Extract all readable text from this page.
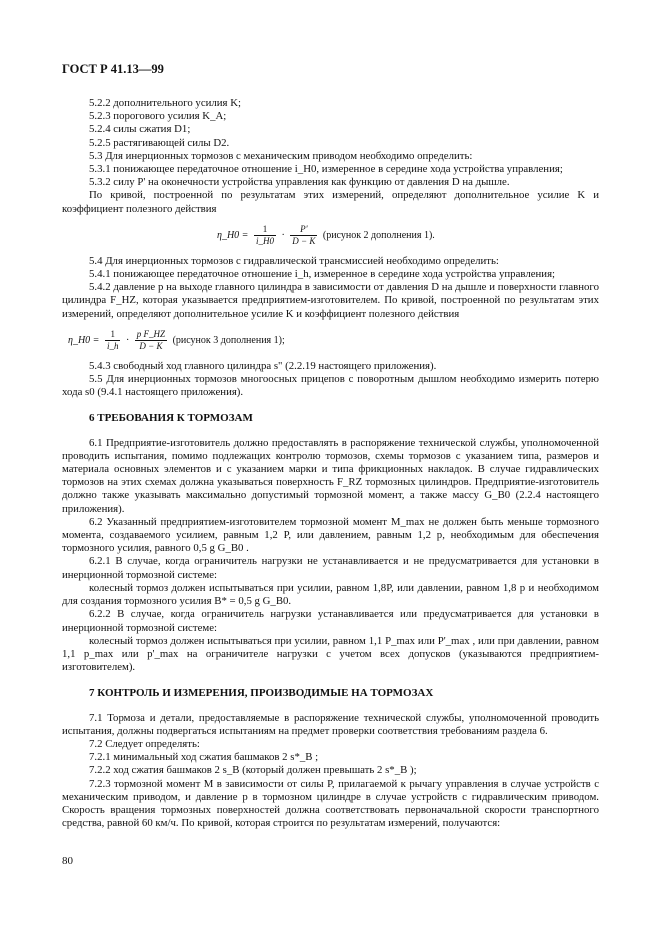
ГОСТ Р 41.13—99

5.2.2 дополнительного усилия K;

5.2.3 порогового усилия K_A;

5.2.4 силы сжатия D1;

5.2.5 растягивающей силы D2.

5.3 Для инерционных тормозов с механическим приводом необходимо определить:

5.3.1 понижающее передаточное отношение i_H0, измеренное в середине хода устройства управления;

5.3.2 силу P' на оконечности устройства управления как функцию от давления D на дышле.

По кривой, построенной по результатам этих измерений, определяют дополнительное усилие K и коэффициент полезного действия

η_H0 = $\frac{1}{i\_H0} \cdot \frac{P'}{D - K}$ (рисунок 2 дополнения 1).

5.4 Для инерционных тормозов с гидравлической трансмиссией необходимо определить:

5.4.1 понижающее передаточное отношение i_h, измеренное в середине хода устройства управления;

5.4.2 давление p на выходе главного цилиндра в зависимости от давления D на дышле и поверхности главного цилиндра F_HZ, которая указывается предприятием-изготовителем. По кривой, построенной по результатам этих измерений, определяют дополнительное усилие K и коэффициент полезного действия

η_H0 = $\frac{1}{i\_h} \cdot \frac{\text{p F\_HZ}}{D - K}$ (рисунок 3 дополнения 1);

5.4.3 свободный ход главного цилиндра s" (2.2.19 настоящего приложения).

5.5 Для инерционных тормозов многоосных прицепов с поворотным дышлом необходимо измерить потерю хода s0 (9.4.1 настоящего приложения).

6 ТРЕБОВАНИЯ К ТОРМОЗАМ

6.1 Предприятие-изготовитель должно предоставлять в распоряжение технической службы, уполномоченной проводить испытания, помимо подлежащих контролю тормозов, схемы тормозов с указанием типа, размеров и материала основных элементов и с указанием марки и типа фрикционных накладок. В случае гидравлических тормозов на этих схемах должна указываться поверхность F_RZ тормозных цилиндров. Предприятие-изготовитель должно также указывать максимально допустимый тормозной момент, а также массу G_B0 (2.2.4 настоящего приложения).

6.2 Указанный предприятием-изготовителем тормозной момент M_max не должен быть меньше тормозного момента, создаваемого усилием, равным 1,2 P, или давлением, равным 1,2 p, необходимым для обеспечения тормозного усилия, равного 0,5 g G_B0 .

6.2.1 В случае, когда ограничитель нагрузки не устанавливается и не предусматривается для установки в инерционной тормозной системе:

колесный тормоз должен испытываться при усилии, равном 1,8P, или давлении, равном 1,8 p и необходимом для создания тормозного усилия B* = 0,5 g G_B0.

6.2.2 В случае, когда ограничитель нагрузки устанавливается или предусматривается для установки в инерционной тормозной системе:

колесный тормоз должен испытываться при усилии, равном 1,1 P_max или P'_max , или при давлении, равном 1,1 p_max или p'_max на ограничителе нагрузки с учетом всех допусков (указываются предприятием-изготовителем).

7 КОНТРОЛЬ И ИЗМЕРЕНИЯ, ПРОИЗВОДИМЫЕ НА ТОРМОЗАХ

7.1 Тормоза и детали, предоставляемые в распоряжение технической службы, уполномоченной проводить испытания, должны подвергаться испытаниям на предмет проверки соответствия требованиям раздела 6.

7.2 Следует определять:

7.2.1 минимальный ход сжатия башмаков 2 s*_B ;

7.2.2 ход сжатия башмаков 2 s_B (который должен превышать 2 s*_B );

7.2.3 тормозной момент M в зависимости от силы P, прилагаемой к рычагу управления в случае устройств с механическим приводом, и давление p в тормозном цилиндре в случае устройств с гидравлическим приводом. Скорость вращения тормозных поверхностей должна соответствовать первоначальной скорости транспортного средства, равной 60 км/ч. По кривой, которая строится по результатам измерений, получаются:

80
